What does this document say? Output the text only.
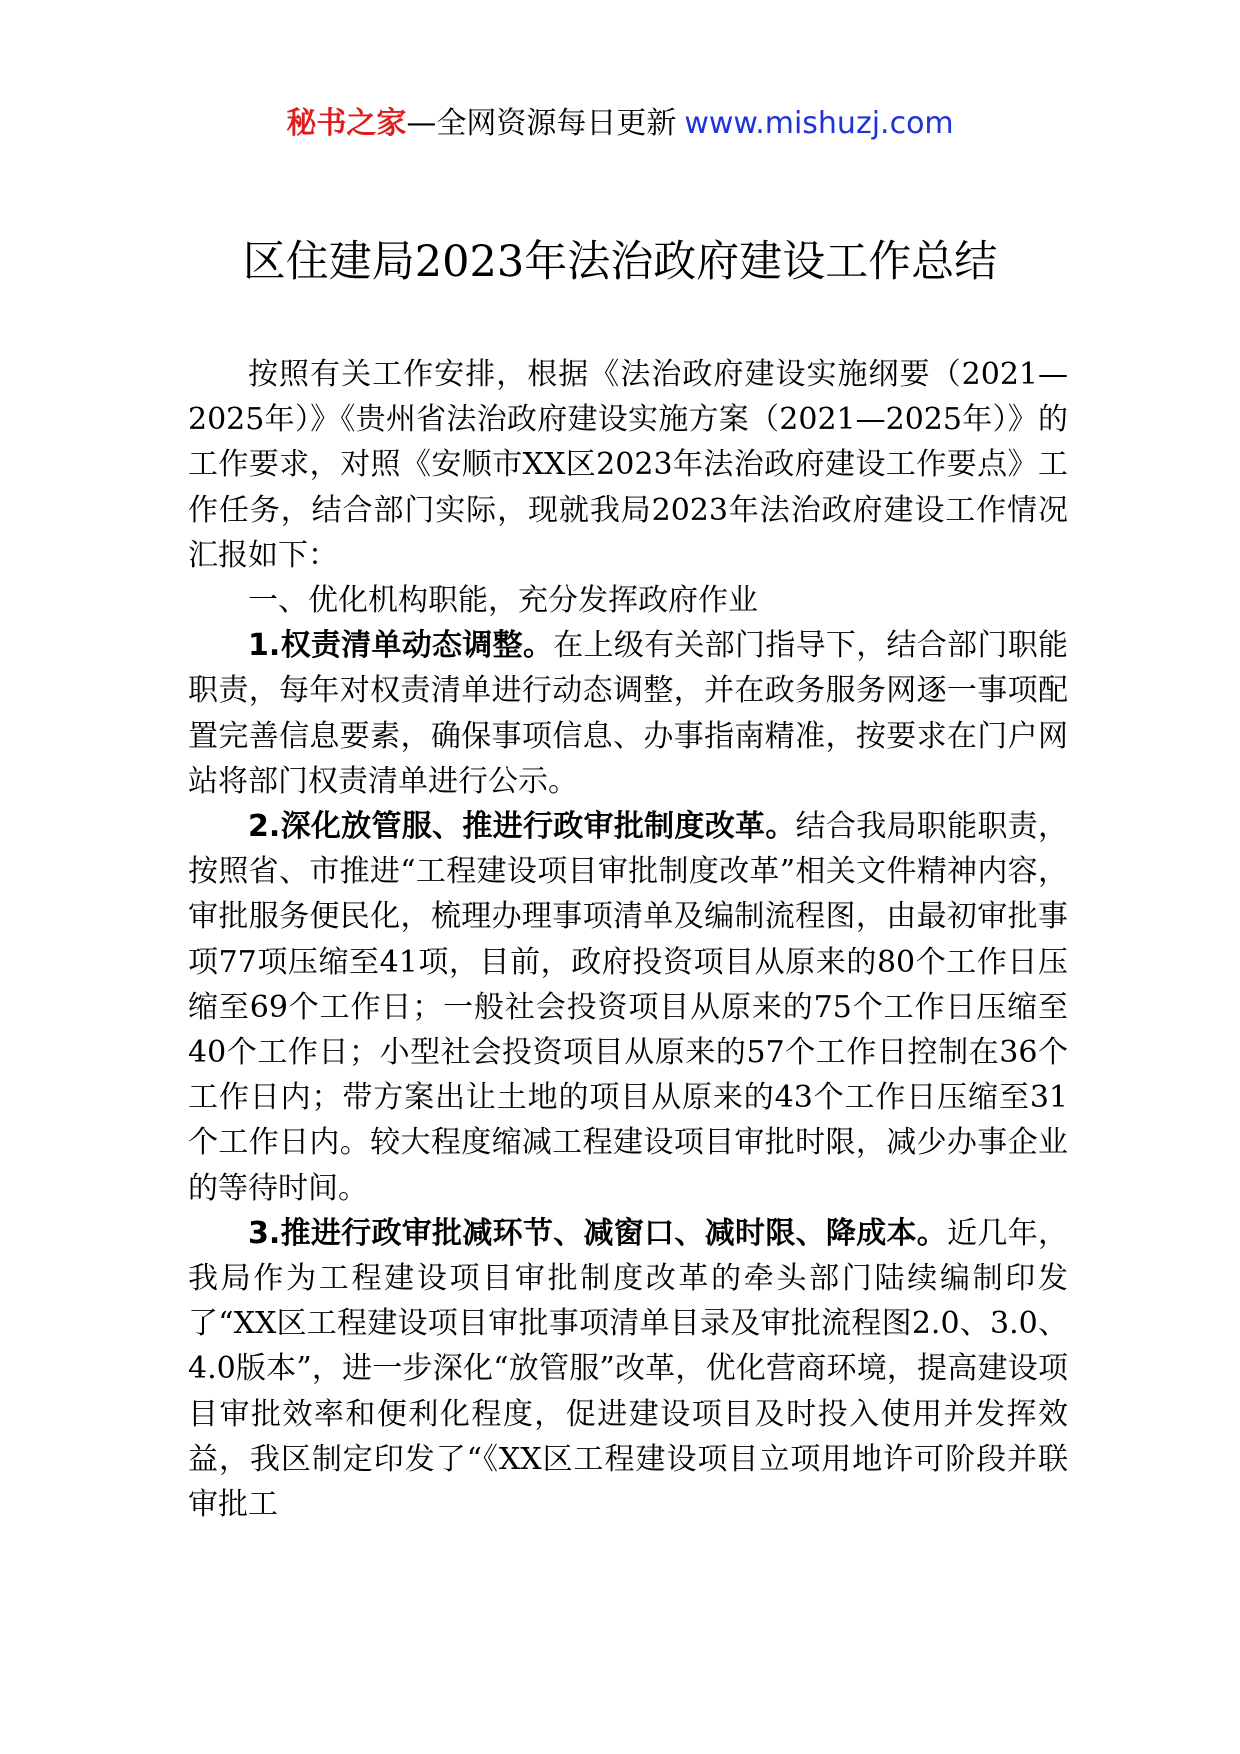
秘书之家—全网资源每日更新 www.mishuzj.com
区住建局2023年法治政府建设工作总结

按照有关工作安排，根据《法治政府建设实施纲要（2021—2025年）》《贵州省法治政府建设实施方案（2021—2025年）》的工作要求，对照《安顺市XX区2023年法治政府建设工作要点》工作任务，结合部门实际，现就我局2023年法治政府建设工作情况汇报如下：

一、优化机构职能，充分发挥政府作业

1.权责清单动态调整。在上级有关部门指导下，结合部门职能职责，每年对权责清单进行动态调整，并在政务服务网逐一事项配置完善信息要素，确保事项信息、办事指南精准，按要求在门户网站将部门权责清单进行公示。

2.深化放管服、推进行政审批制度改革。结合我局职能职责，按照省、市推进“工程建设项目审批制度改革”相关文件精神内容，审批服务便民化，梳理办理事项清单及编制流程图，由最初审批事项77项压缩至41项，目前，政府投资项目从原来的80个工作日压缩至69个工作日；一般社会投资项目从原来的75个工作日压缩至40个工作日；小型社会投资项目从原来的57个工作日控制在36个工作日内；带方案出让土地的项目从原来的43个工作日压缩至31个工作日内。较大程度缩减工程建设项目审批时限，减少办事企业的等待时间。

3.推进行政审批减环节、减窗口、减时限、降成本。近几年，我局作为工程建设项目审批制度改革的牵头部门陆续编制印发了“XX区工程建设项目审批事项清单目录及审批流程图2.0、3.0、4.0版本”，进一步深化“放管服”改革，优化营商环境，提高建设项目审批效率和便利化程度，促进建设项目及时投入使用并发挥效益，我区制定印发了“《XX区工程建设项目立项用地许可阶段并联审批工
